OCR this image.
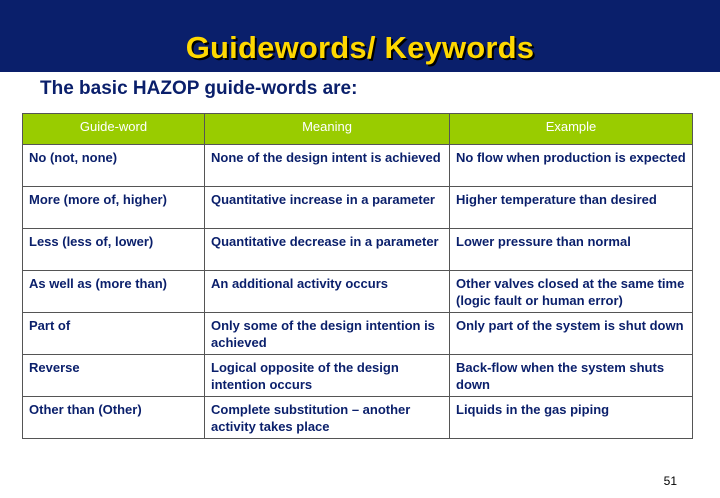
Guidewords/ Keywords
The basic HAZOP guide-words are:
Guide-word	Meaning	Example
No (not, none)	None of the design intent is achieved	No flow when production is expected
More (more of, higher)	Quantitative increase in a parameter	Higher temperature than desired
Less (less of, lower)	Quantitative decrease in a parameter	Lower pressure than normal
As well as (more than)	An additional activity occurs	Other valves closed at the same time (logic fault or human error)
Part of	Only some of the design intention is achieved	Only part of the system is shut down
Reverse	Logical opposite of the design intention occurs	Back-flow when the system shuts down
Other than (Other)	Complete substitution – another activity takes place	Liquids in the gas piping
51
